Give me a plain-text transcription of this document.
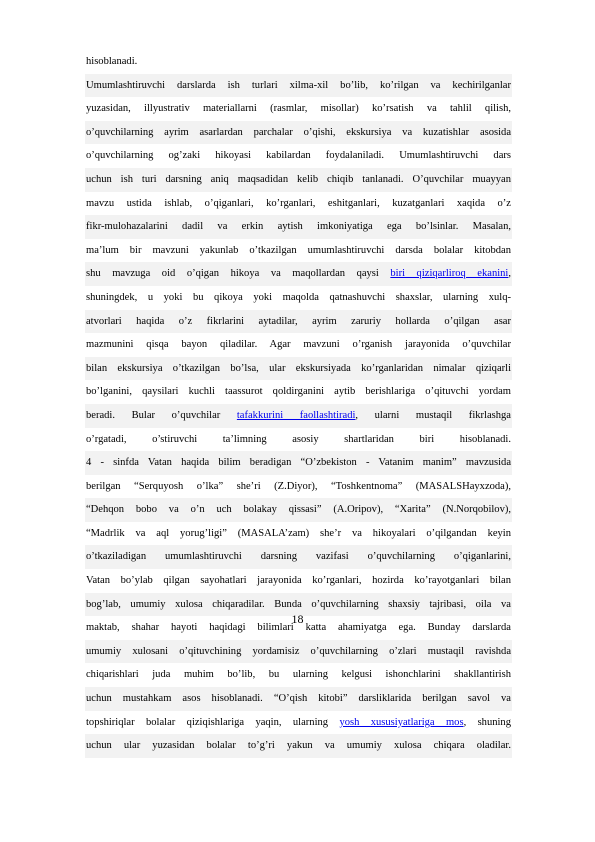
hisoblanadi.
Umumlashtiruvchi darslarda ish turlari xilma-xil bo’lib, ko’rilgan va kechirilganlar
yuzasidan, illyustrativ materiallarni (rasmlar, misollar) ko’rsatish va tahlil qilish,
o’quvchilarning ayrim asarlardan parchalar o’qishi, ekskursiya va kuzatishlar asosida
o’quvchilarning og’zaki hikoyasi kabilardan foydalaniladi. Umumlashtiruvchi dars
uchun ish turi darsning aniq maqsadidan kelib chiqib tanlanadi. O’quvchilar muayyan
mavzu ustida ishlab, o’qiganlari, ko’rganlari, eshitganlari, kuzatganlari xaqida o’z
fikr-mulohazalarini dadil va erkin aytish imkoniyatiga ega bo’lsinlar. Masalan,
ma’lum bir mavzuni yakunlab o’tkazilgan umumlashtiruvchi darsda bolalar kitobdan
shu mavzuga oid o’qigan hikoya va maqollardan qaysi biri qiziqarliroq ekanini,
shuningdek, u yoki bu qikoya yoki maqolda qatnashuvchi shaxslar, ularning xulq-
atvorlari haqida o’z fikrlarini aytadilar, ayrim zaruriy hollarda o’qilgan asar
mazmunini qisqa bayon qiladilar. Agar mavzuni o’rganish jarayonida o’quvchilar
bilan ekskursiya o’tkazilgan bo’lsa, ular ekskursiyada ko’rganlaridan nimalar qiziqarli
bo’lganini, qaysilari kuchli taassurot qoldirganini aytib berishlariga o’qituvchi yordam
beradi. Bular o’quvchilar tafakkurini faollashtiradi, ularni mustaqil fikrlashga
o’rgatadi, o’stiruvchi ta’limning asosiy shartlaridan biri hisoblanadi.
4 - sinfda Vatan haqida bilim beradigan “O’zbekiston - Vatanim manim” mavzusida
berilgan “Serquyosh o’lka” she’ri (Z.Diyor), “Toshkentnoma” (MASALSHayxzoda),
“Dehqon bobo va o’n uch bolakay qissasi” (A.Oripov), “Xarita” (N.Norqobilov),
“Madrlik va aql yorug’ligi” (MASALA’zam) she’r va hikoyalari o’qilgandan keyin
o’tkaziladigan umumlashtiruvchi darsning vazifasi o’quvchilarning o’qiganlarini,
Vatan bo’ylab qilgan sayohatlari jarayonida ko’rganlari, hozirda ko’rayotganlari bilan
bog’lab, umumiy xulosa chiqaradilar. Bunda o’quvchilarning shaxsiy tajribasi, oila va
maktab, shahar hayoti haqidagi bilimlari katta ahamiyatga ega. Bunday darslarda
umumiy xulosani o’qituvchining yordamisiz o’quvchilarning o’zlari mustaqil ravishda
chiqarishlari juda muhim bo’lib, bu ularning kelgusi ishonchlarini shakllantirish
uchun mustahkam asos hisoblanadi. “O’qish kitobi” darsliklarida berilgan savol va
topshiriqlar bolalar qiziqishlariga yaqin, ularning yosh xususiyatlariga mos, shuning
uchun ular yuzasidan bolalar to’g’ri yakun va umumiy xulosa chiqara oladilar.
18
